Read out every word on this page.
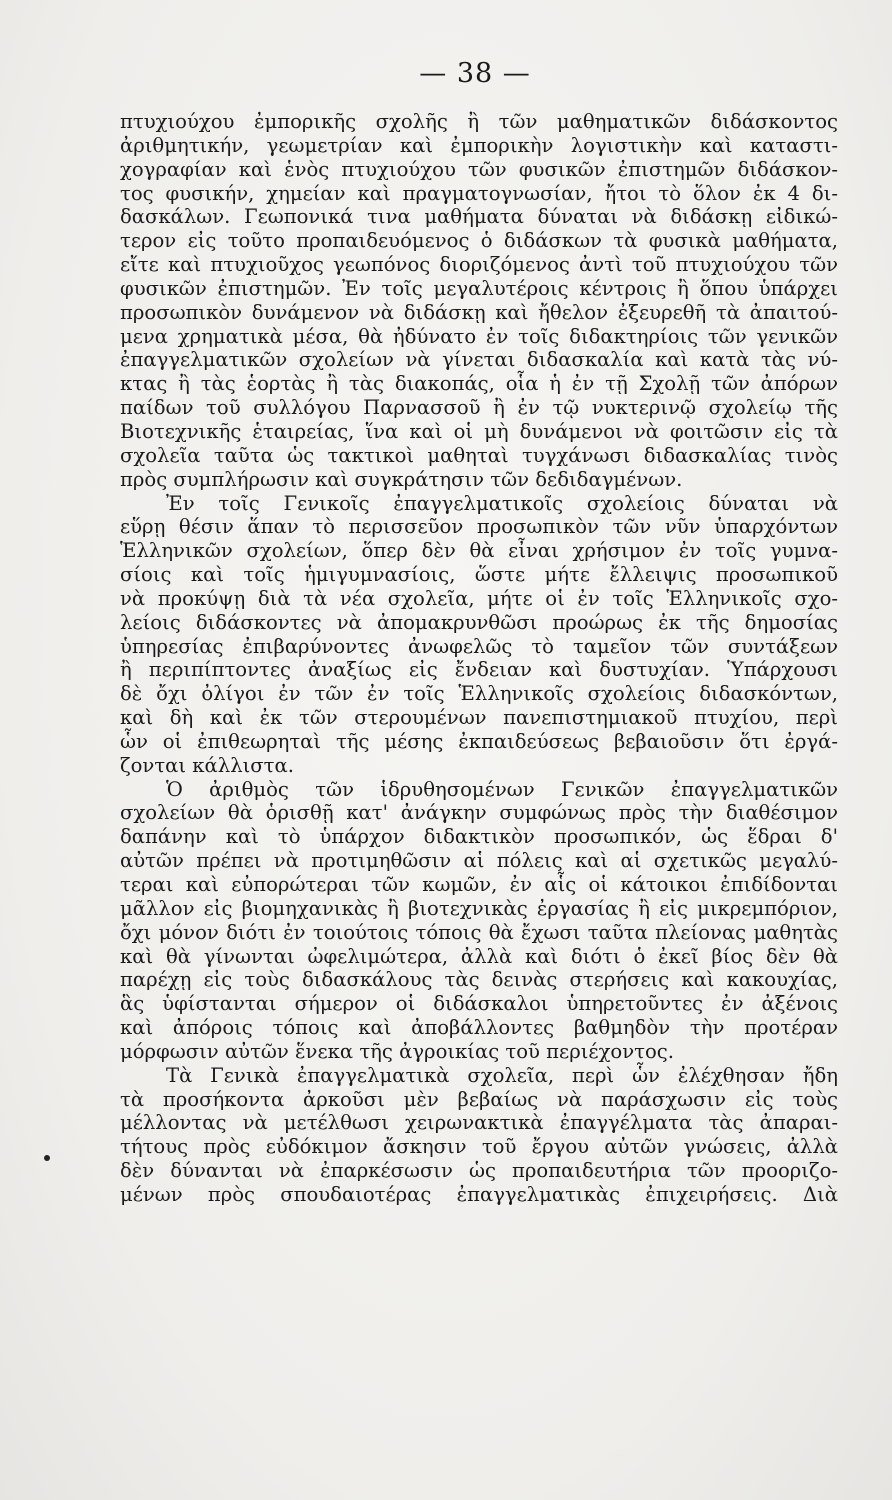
— 38 —
πτυχιούχου ἐμπορικῆς σχολῆς ἢ τῶν μαθηματικῶν διδάσκοντος
ἀριθμητικήν, γεωμετρίαν καὶ ἐμπορικὴν λογιστικὴν καὶ καταστι-
χογραφίαν καὶ ἑνὸς πτυχιούχου τῶν φυσικῶν ἐπιστημῶν διδάσκον-
τος φυσικήν, χημείαν καὶ πραγματογνωσίαν, ἤτοι τὸ ὅλον ἐκ 4 δι-
δασκάλων. Γεωπονικά τινα μαθήματα δύναται νὰ διδάσκῃ εἰδικώ-
τερον εἰς τοῦτο προπαιδευόμενος ὁ διδάσκων τὰ φυσικὰ μαθήματα,
εἴτε καὶ πτυχιοῦχος γεωπόνος διοριζόμενος ἀντὶ τοῦ πτυχιούχου τῶν
φυσικῶν ἐπιστημῶν. Ἐν τοῖς μεγαλυτέροις κέντροις ἢ ὅπου ὑπάρχει
προσωπικὸν δυνάμενον νὰ διδάσκῃ καὶ ἤθελον ἐξευρεθῆ τὰ ἀπαιτού-
μενα χρηματικὰ μέσα, θὰ ἠδύνατο ἐν τοῖς διδακτηρίοις τῶν γενικῶν
ἐπαγγελματικῶν σχολείων νὰ γίνεται διδασκαλία καὶ κατὰ τὰς νύ-
κτας ἢ τὰς ἑορτὰς ἢ τὰς διακοπάς, οἷα ἡ ἐν τῇ Σχολῇ τῶν ἀπόρων
παίδων τοῦ συλλόγου Παρνασσοῦ ἢ ἐν τῷ νυκτερινῷ σχολείῳ τῆς
Βιοτεχνικῆς ἑταιρείας, ἵνα καὶ οἱ μὴ δυνάμενοι νὰ φοιτῶσιν εἰς τὰ
σχολεῖα ταῦτα ὡς τακτικοὶ μαθηταὶ τυγχάνωσι διδασκαλίας τινὸς
πρὸς συμπλήρωσιν καὶ συγκράτησιν τῶν δεδιδαγμένων.
Ἐν τοῖς Γενικοῖς ἐπαγγελματικοῖς σχολείοις δύναται νὰ
εὕρῃ θέσιν ἅπαν τὸ περισσεῦον προσωπικὸν τῶν νῦν ὑπαρχόντων
Ἑλληνικῶν σχολείων, ὅπερ δὲν θὰ εἶναι χρήσιμον ἐν τοῖς γυμνα-
σίοις καὶ τοῖς ἡμιγυμνασίοις, ὥστε μήτε ἔλλειψις προσωπικοῦ
νὰ προκύψῃ διὰ τὰ νέα σχολεῖα, μήτε οἱ ἐν τοῖς Ἑλληνικοῖς σχο-
λείοις διδάσκοντες νὰ ἀπομακρυνθῶσι προώρως ἐκ τῆς δημοσίας
ὑπηρεσίας ἐπιβαρύνοντες ἀνωφελῶς τὸ ταμεῖον τῶν συντάξεων
ἢ περιπίπτοντες ἀναξίως εἰς ἔνδειαν καὶ δυστυχίαν. Ὑπάρχουσι
δὲ ὄχι ὀλίγοι ἐν τῶν ἐν τοῖς Ἑλληνικοῖς σχολείοις διδασκόντων,
καὶ δὴ καὶ ἐκ τῶν στερουμένων πανεπιστημιακοῦ πτυχίου, περὶ
ὧν οἱ ἐπιθεωρηταὶ τῆς μέσης ἐκπαιδεύσεως βεβαιοῦσιν ὅτι ἐργά-
ζονται κάλλιστα.
Ὁ ἀριθμὸς τῶν ἱδρυθησομένων Γενικῶν ἐπαγγελματικῶν
σχολείων θὰ ὁρισθῇ κατ' ἀνάγκην συμφώνως πρὸς τὴν διαθέσιμον
δαπάνην καὶ τὸ ὑπάρχον διδακτικὸν προσωπικόν, ὡς ἕδραι δ'
αὐτῶν πρέπει νὰ προτιμηθῶσιν αἱ πόλεις καὶ αἱ σχετικῶς μεγαλύ-
τεραι καὶ εὐπορώτεραι τῶν κωμῶν, ἐν αἷς οἱ κάτοικοι ἐπιδίδονται
μᾶλλον εἰς βιομηχανικὰς ἢ βιοτεχνικὰς ἐργασίας ἢ εἰς μικρεμπόριον,
ὄχι μόνον διότι ἐν τοιούτοις τόποις θὰ ἔχωσι ταῦτα πλείονας μαθητὰς
καὶ θὰ γίνωνται ὠφελιμώτερα, ἀλλὰ καὶ διότι ὁ ἐκεῖ βίος δὲν θὰ
παρέχῃ εἰς τοὺς διδασκάλους τὰς δεινὰς στερήσεις καὶ κακουχίας,
ἃς ὑφίστανται σήμερον οἱ διδάσκαλοι ὑπηρετοῦντες ἐν ἀξένοις
καὶ ἀπόροις τόποις καὶ ἀποβάλλοντες βαθμηδὸν τὴν προτέραν
μόρφωσιν αὐτῶν ἕνεκα τῆς ἀγροικίας τοῦ περιέχοντος.
Τὰ Γενικὰ ἐπαγγελματικὰ σχολεῖα, περὶ ὧν ἐλέχθησαν ἤδη
τὰ προσήκοντα ἀρκοῦσι μὲν βεβαίως νὰ παράσχωσιν εἰς τοὺς
μέλλοντας νὰ μετέλθωσι χειρωνακτικὰ ἐπαγγέλματα τὰς ἀπαραι-
τήτους πρὸς εὐδόκιμον ἄσκησιν τοῦ ἔργου αὐτῶν γνώσεις, ἀλλὰ
δὲν δύνανται νὰ ἐπαρκέσωσιν ὡς προπαιδευτήρια τῶν προοριζο-
μένων πρὸς σπουδαιοτέρας ἐπαγγελματικὰς ἐπιχειρήσεις. Διὰ
